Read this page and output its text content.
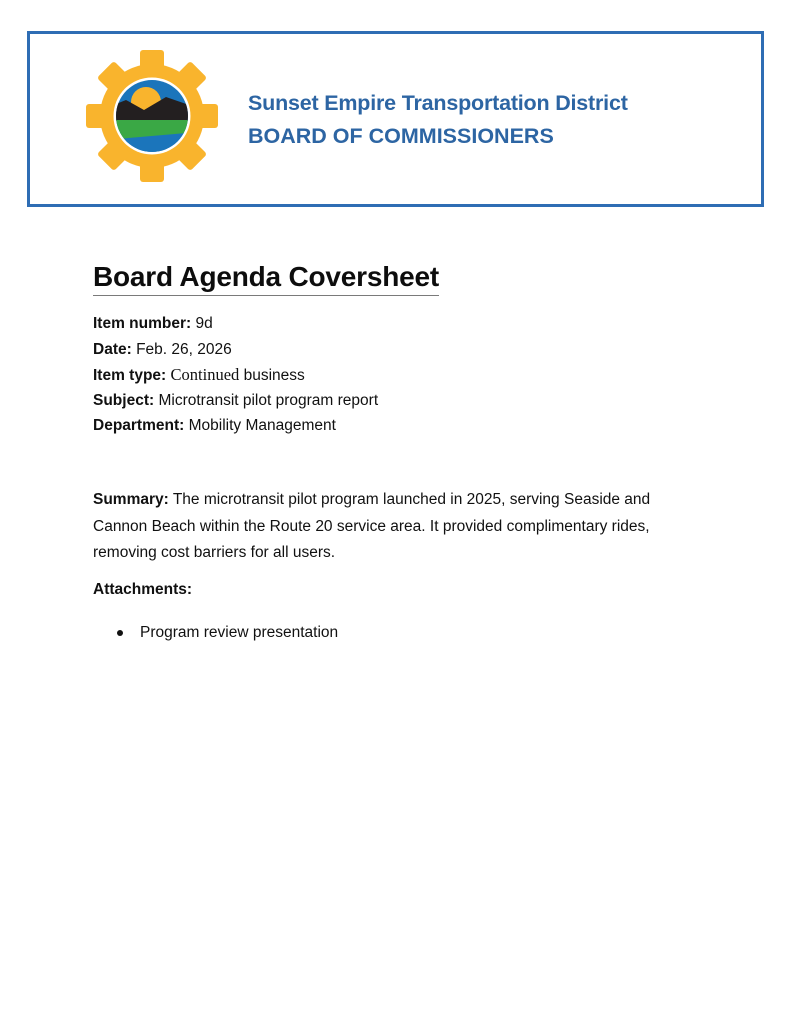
Sunset Empire Transportation District
BOARD OF COMMISSIONERS
Board Agenda Coversheet
Item number: 9d
Date: Feb. 26, 2026
Item type: Continued business
Subject: Microtransit pilot program report
Department: Mobility Management
Summary: The microtransit pilot program launched in 2025, serving Seaside and Cannon Beach within the Route 20 service area. It provided complimentary rides, removing cost barriers for all users.
Attachments:
Program review presentation
